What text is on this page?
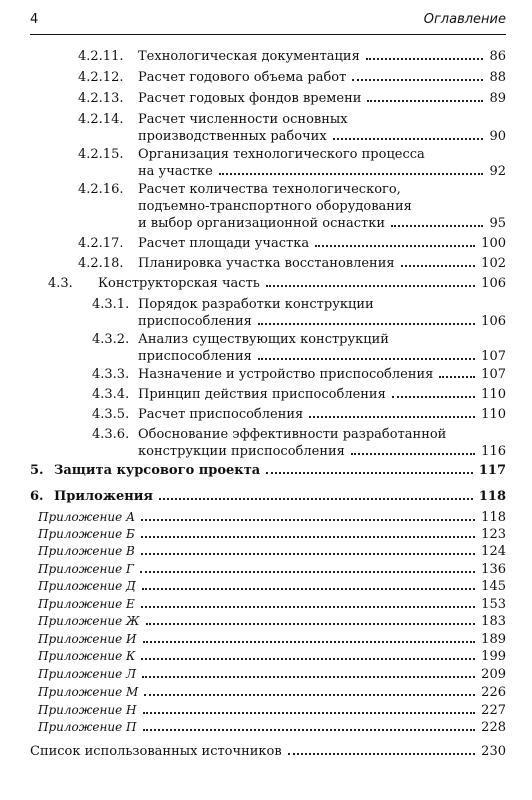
4	Оглавление
4.2.11. Технологическая документация	86
4.2.12. Расчет годового объема работ	88
4.2.13. Расчет годовых фондов времени	89
4.2.14. Расчет численности основных
производственных рабочих	90
4.2.15. Организация технологического процесса
на участке	92
4.2.16. Расчет количества технологического,
подъемно-транспортного оборудования
и выбор организационной оснастки	95
4.2.17. Расчет площади участка	100
4.2.18. Планировка участка восстановления	102
4.3. Конструкторская часть	106
4.3.1. Порядок разработки конструкции
приспособления	106
4.3.2. Анализ существующих конструкций
приспособления	107
4.3.3. Назначение и устройство приспособления	107
4.3.4. Принцип действия приспособления	110
4.3.5. Расчет приспособления	110
4.3.6. Обоснование эффективности разработанной
конструкции приспособления	116
5. Защита курсового проекта	117
6. Приложения	118
Приложение А	118
Приложение Б	123
Приложение В	124
Приложение Г	136
Приложение Д	145
Приложение Е	153
Приложение Ж	183
Приложение И	189
Приложение К	199
Приложение Л	209
Приложение М	226
Приложение Н	227
Приложение П	228
Список использованных источников	230
